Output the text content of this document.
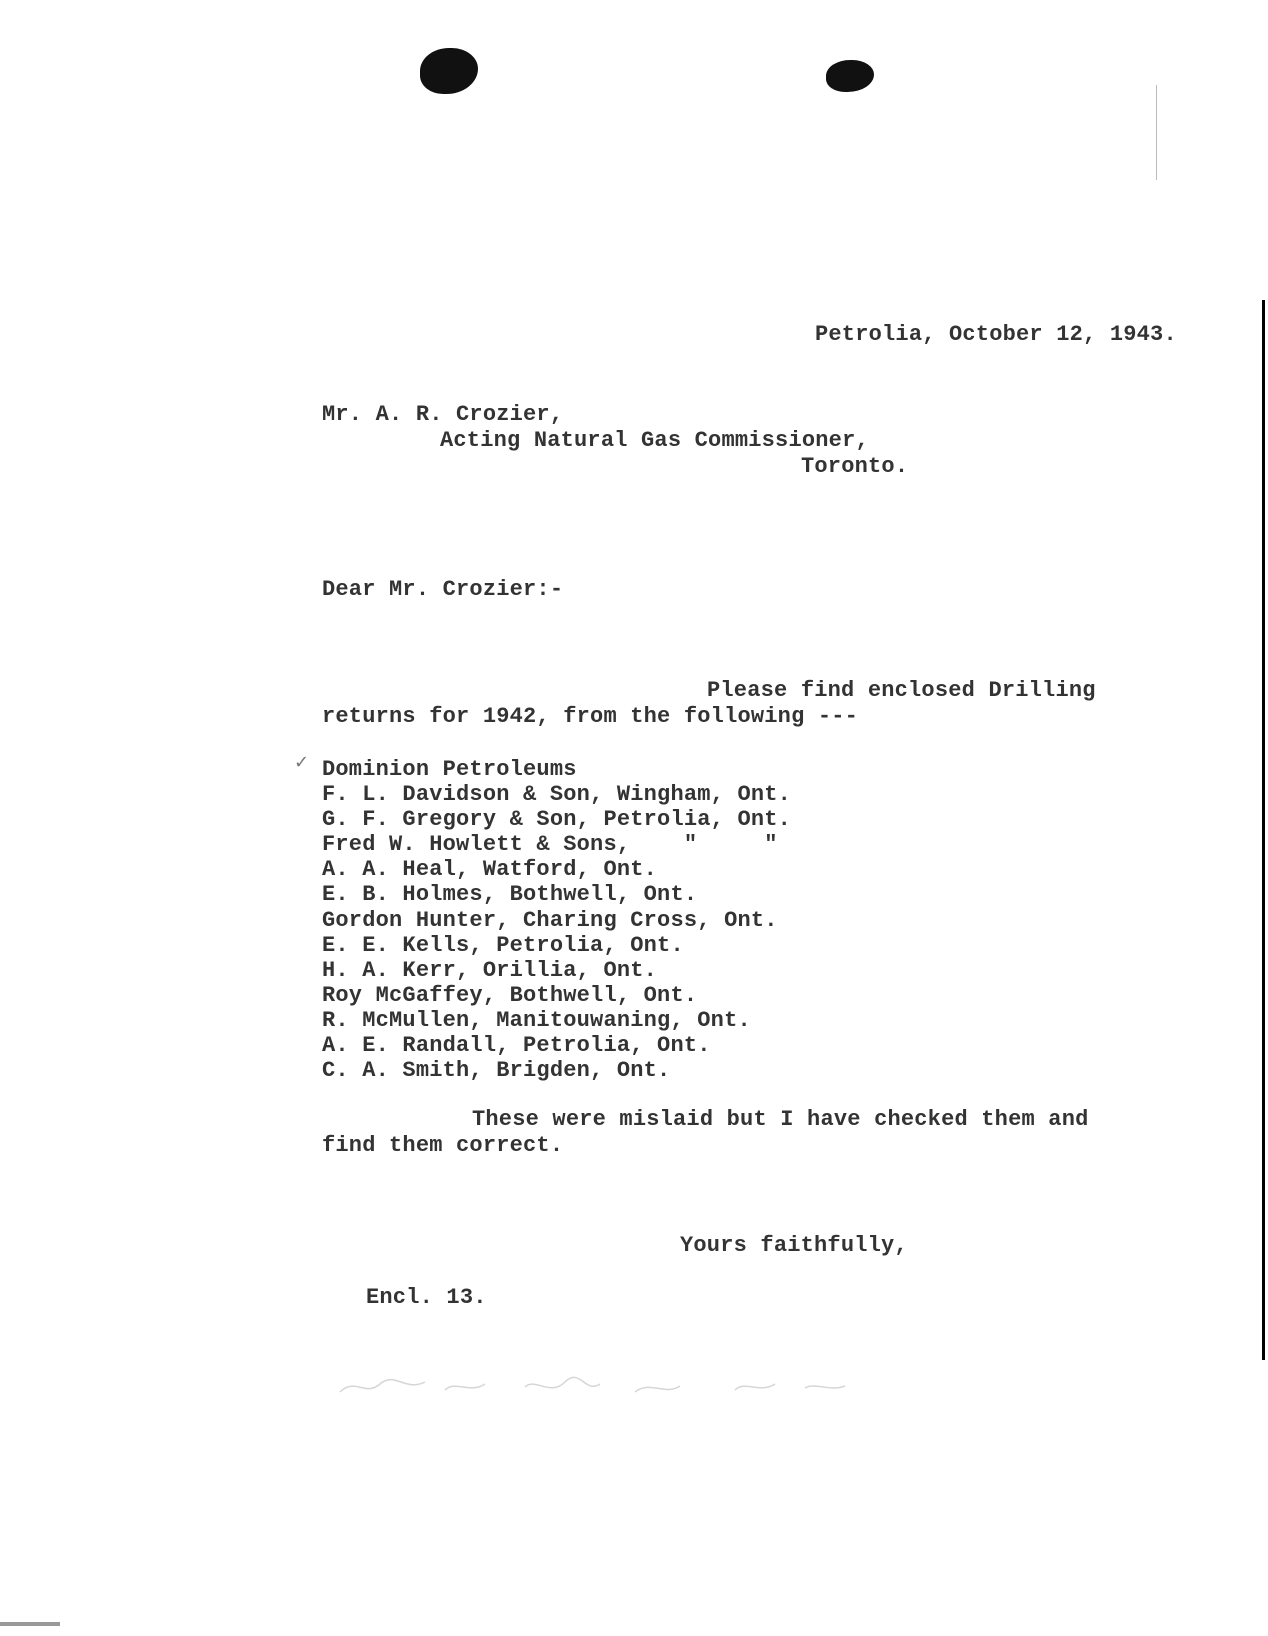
Petrolia, October 12, 1943.
Mr. A. R. Crozier,
Acting Natural Gas Commissioner,
Toronto.
Dear Mr. Crozier:-
Please find enclosed Drilling
returns for 1942, from the following ---
✓ Dominion Petroleums
F. L. Davidson & Son, Wingham, Ont.
G. F. Gregory & Son, Petrolia, Ont.
Fred W. Howlett & Sons,    "     "
A. A. Heal, Watford, Ont.
E. B. Holmes, Bothwell, Ont.
Gordon Hunter, Charing Cross, Ont.
E. E. Kells, Petrolia, Ont.
H. A. Kerr, Orillia, Ont.
Roy McGaffey, Bothwell, Ont.
R. McMullen, Manitouwaning, Ont.
A. E. Randall, Petrolia, Ont.
C. A. Smith, Brigden, Ont.
These were mislaid but I have checked them and
find them correct.
Yours faithfully,
Encl. 13.
